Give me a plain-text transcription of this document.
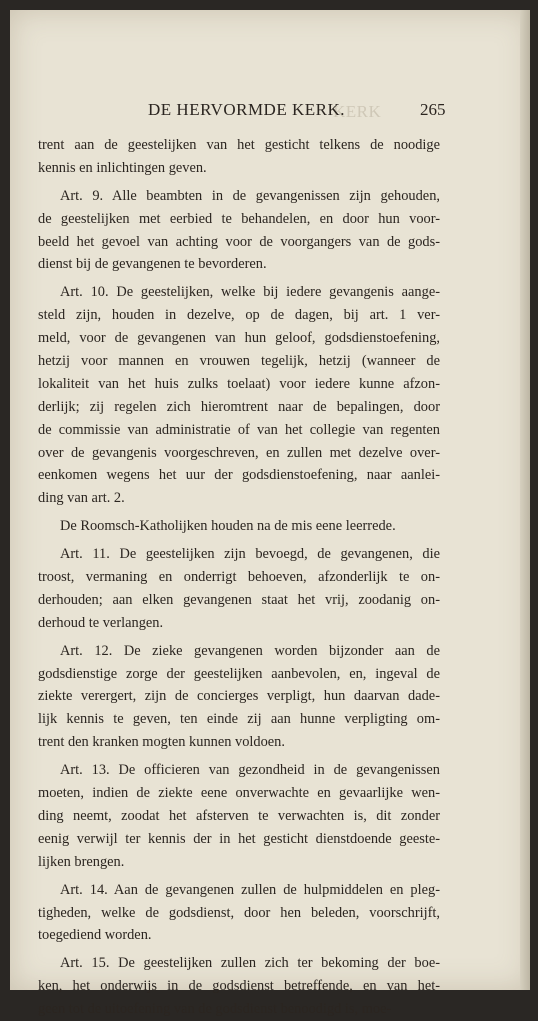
KERK
DE HERVORMDE KERK.	265
trent aan de geestelijken van het gesticht telkens de noodige
kennis en inlichtingen geven.
Art. 9. Alle beambten in de gevangenissen zijn gehouden,
de geestelijken met eerbied te behandelen, en door hun voor-
beeld het gevoel van achting voor de voorgangers van de gods-
dienst bij de gevangenen te bevorderen.
Art. 10. De geestelijken, welke bij iedere gevangenis aange-
steld zijn, houden in dezelve, op de dagen, bij art. 1 ver-
meld, voor de gevangenen van hun geloof, godsdienstoefening,
hetzij voor mannen en vrouwen tegelijk, hetzij (wanneer de
lokaliteit van het huis zulks toelaat) voor iedere kunne afzon-
derlijk; zij regelen zich hieromtrent naar de bepalingen, door
de commissie van administratie of van het collegie van regenten
over de gevangenis voorgeschreven, en zullen met dezelve over-
eenkomen wegens het uur der godsdienstoefening, naar aanlei-
ding van art. 2.
De Roomsch-Katholijken houden na de mis eene leerrede.
Art. 11. De geestelijken zijn bevoegd, de gevangenen, die
troost, vermaning en onderrigt behoeven, afzonderlijk te on-
derhouden; aan elken gevangenen staat het vrij, zoodanig on-
derhoud te verlangen.
Art. 12. De zieke gevangenen worden bijzonder aan de
godsdienstige zorge der geestelijken aanbevolen, en, ingeval de
ziekte verergert, zijn de concierges verpligt, hun daarvan dade-
lijk kennis te geven, ten einde zij aan hunne verpligting om-
trent den kranken mogten kunnen voldoen.
Art. 13. De officieren van gezondheid in de gevangenissen
moeten, indien de ziekte eene onverwachte en gevaarlijke wen-
ding neemt, zoodat het afsterven te verwachten is, dit zonder
eenig verwijl ter kennis der in het gesticht dienstdoende geeste-
lijken brengen.
Art. 14. Aan de gevangenen zullen de hulpmiddelen en pleg-
tigheden, welke de godsdienst, door hen beleden, voorschrijft,
toegediend worden.
Art. 15. De geestelijken zullen zich ter bekoming der boe-
ken, het onderwijs in de godsdienst betreffende, en van het-
geen tot de uitoefening van de godsdienst benoodigd is, moe-
